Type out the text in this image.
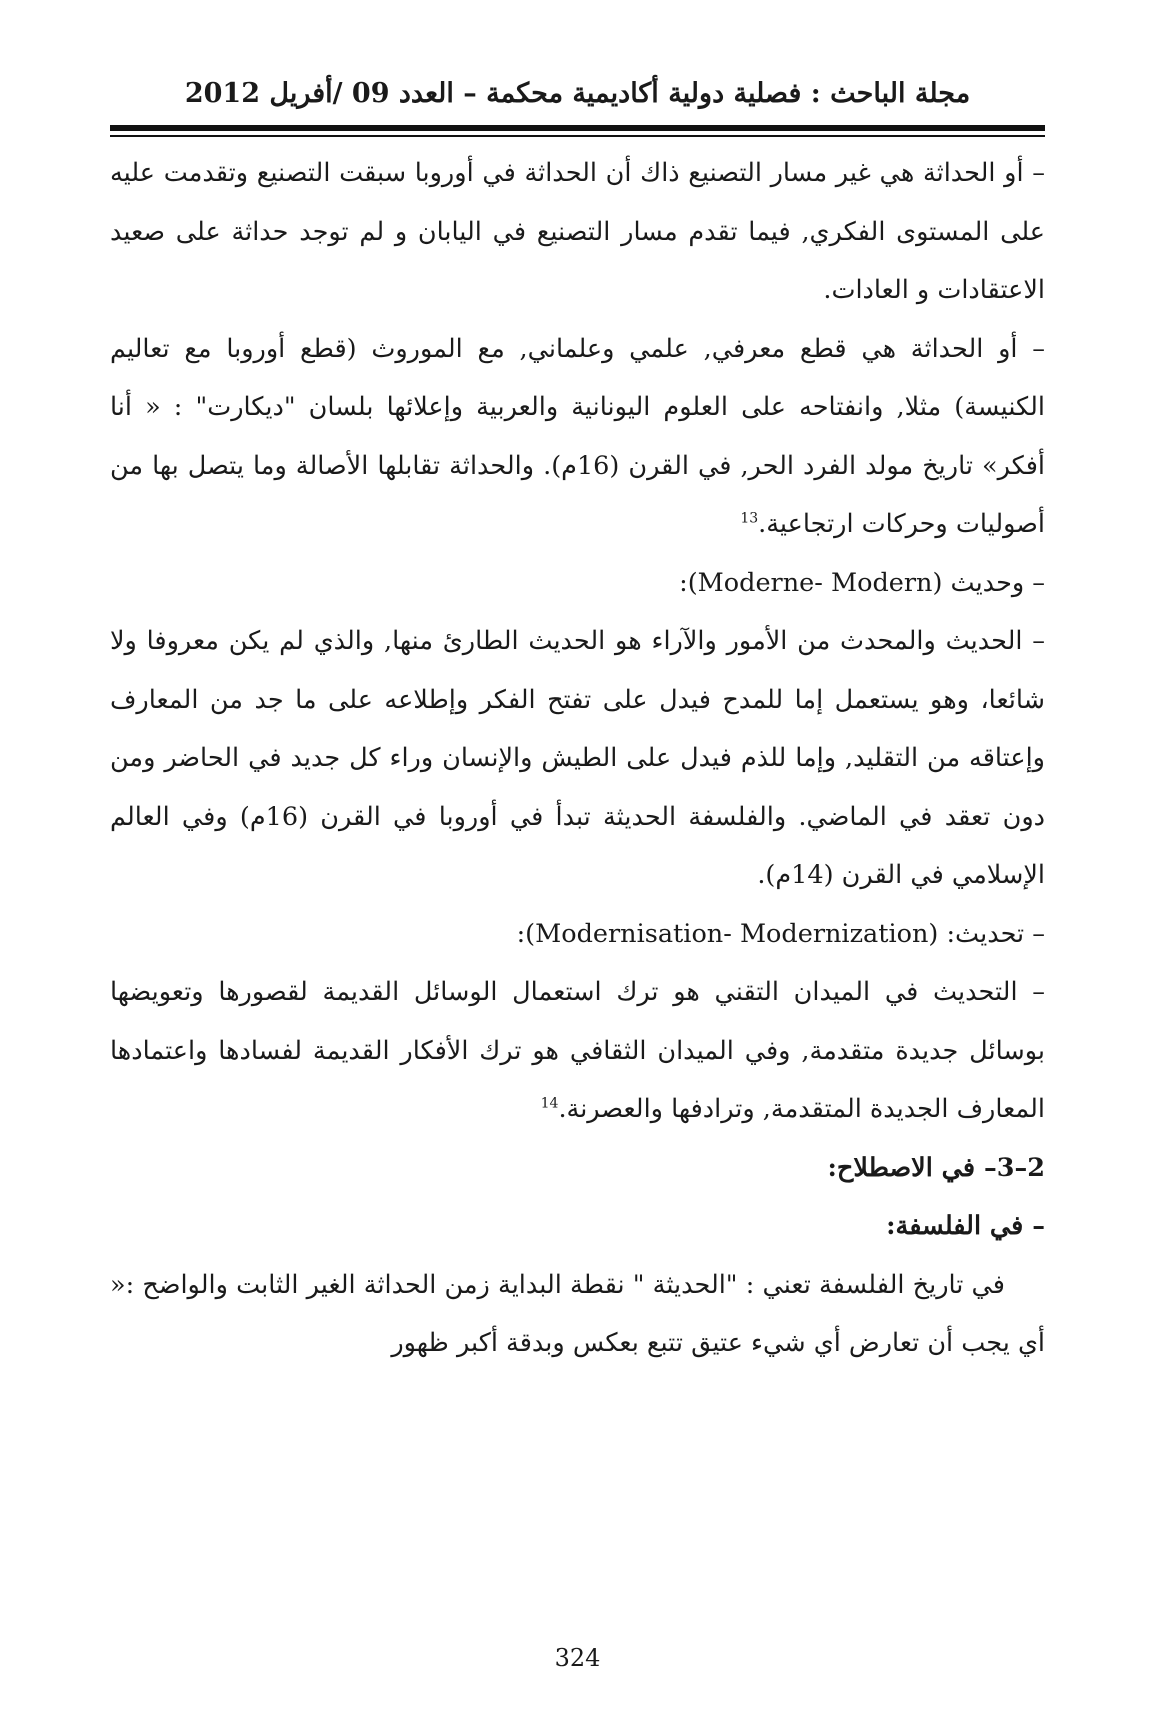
مجلة الباحث : فصلية دولية أكاديمية محكمة – العدد 09 /أفريل 2012

– أو الحداثة هي غير مسار التصنيع ذاك أن الحداثة في أوروبا سبقت التصنيع وتقدمت عليه على المستوى الفكري, فيما تقدم مسار التصنيع في اليابان و لم توجد حداثة على صعيد الاعتقادات و العادات.

– أو الحداثة هي قطع معرفي, علمي وعلماني, مع الموروث (قطع أوروبا مع تعاليم الكنيسة) مثلا, وانفتاحه على العلوم اليونانية والعربية وإعلائها بلسان "ديكارت" : « أنا أفكر» تاريخ مولد الفرد الحر, في القرن (16م). والحداثة تقابلها الأصالة وما يتصل بها من أصوليات وحركات ارتجاعية.$^{13}$

– وحديث (Moderne- Modern):

– الحديث والمحدث من الأمور والآراء هو الحديث الطارئ منها, والذي لم يكن معروفا ولا شائعا، وهو يستعمل إما للمدح فيدل على تفتح الفكر وإطلاعه على ما جد من المعارف وإعتاقه من التقليد, وإما للذم فيدل على الطيش والإنسان وراء كل جديد في الحاضر ومن دون تعقد في الماضي. والفلسفة الحديثة تبدأ في أوروبا في القرن (16م) وفي العالم الإسلامي في القرن (14م).

– تحديث: (Modernisation- Modernization):

– التحديث في الميدان التقني هو ترك استعمال الوسائل القديمة لقصورها وتعويضها بوسائل جديدة متقدمة, وفي الميدان الثقافي هو ترك الأفكار القديمة لفسادها واعتمادها المعارف الجديدة المتقدمة, وترادفها والعصرنة.$^{14}$

2–3– في الاصطلاح:

– في الفلسفة:

في تاريخ الفلسفة تعني : "الحديثة " نقطة البداية زمن الحداثة الغير الثابت والواضح :« أي يجب أن تعارض أي شيء عتيق تتبع بعكس وبدقة أكبر ظهور

324
